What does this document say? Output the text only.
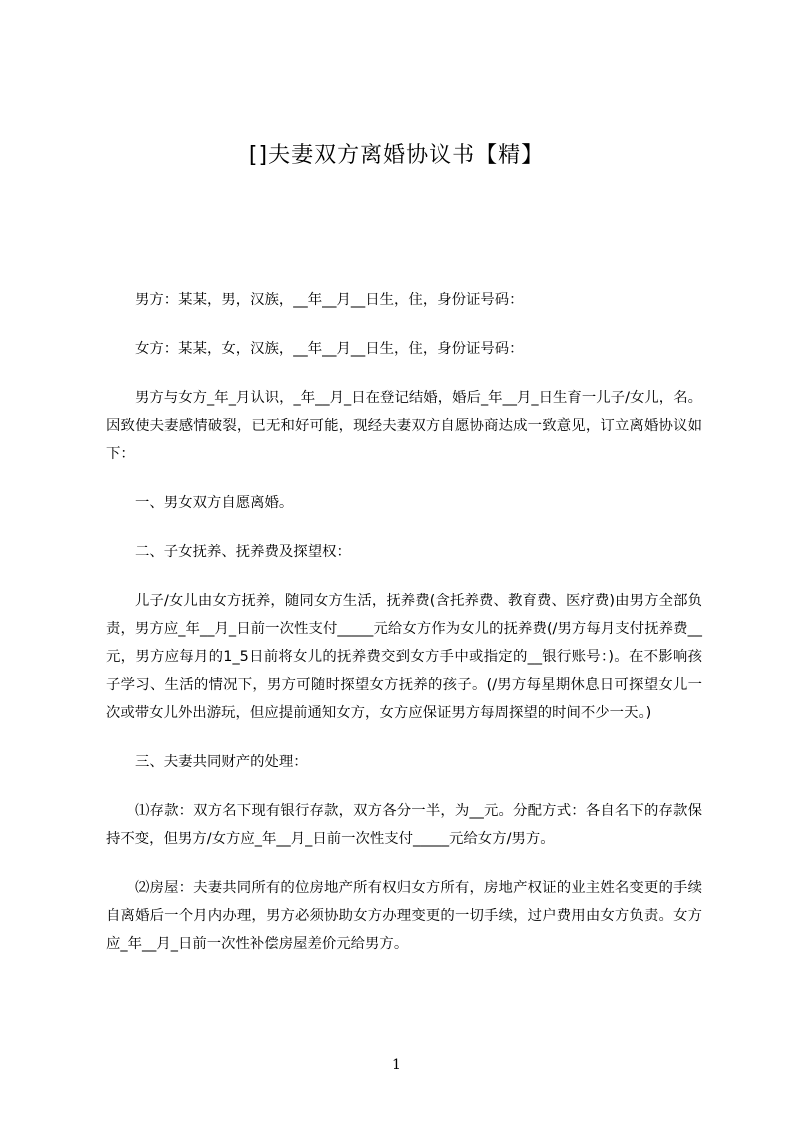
[]夫妻双方离婚协议书【精】

男方：某某，男，汉族，__年__月__日生，住，身份证号码：

女方：某某，女，汉族，__年__月__日生，住，身份证号码：

男方与女方_年_月认识，_年__月_日在登记结婚，婚后_年__月_日生育一儿子/女儿，名。因致使夫妻感情破裂，已无和好可能，现经夫妻双方自愿协商达成一致意见，订立离婚协议如下：

一、男女双方自愿离婚。

二、子女抚养、抚养费及探望权：

儿子/女儿由女方抚养，随同女方生活，抚养费(含托养费、教育费、医疗费)由男方全部负责，男方应_年__月_日前一次性支付_____元给女方作为女儿的抚养费(/男方每月支付抚养费__元，男方应每月的1_5日前将女儿的抚养费交到女方手中或指定的__银行账号：)。在不影响孩子学习、生活的情况下，男方可随时探望女方抚养的孩子。(/男方每星期休息日可探望女儿一次或带女儿外出游玩，但应提前通知女方，女方应保证男方每周探望的时间不少一天。)

三、夫妻共同财产的处理：

⑴存款：双方名下现有银行存款，双方各分一半，为__元。分配方式：各自名下的存款保持不变，但男方/女方应_年__月_日前一次性支付_____元给女方/男方。

⑵房屋：夫妻共同所有的位房地产所有权归女方所有，房地产权证的业主姓名变更的手续自离婚后一个月内办理，男方必须协助女方办理变更的一切手续，过户费用由女方负责。女方应_年__月_日前一次性补偿房屋差价元给男方。

1
